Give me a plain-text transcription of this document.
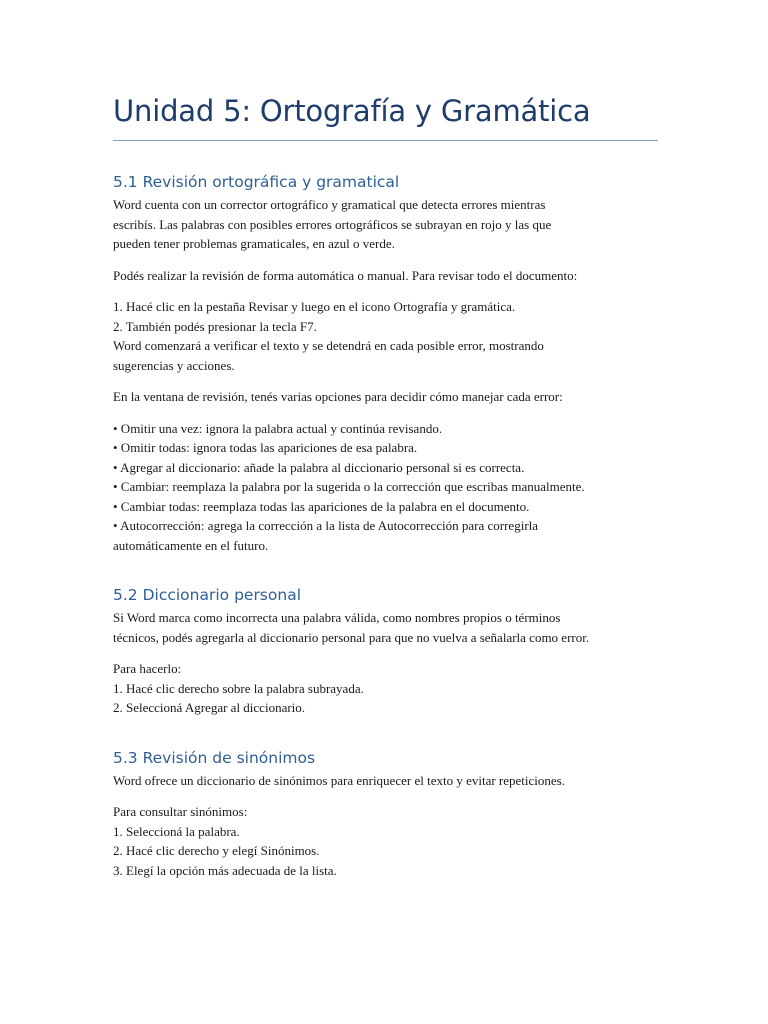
Unidad 5: Ortografía y Gramática
5.1 Revisión ortográfica y gramatical

Word cuenta con un corrector ortográfico y gramatical que detecta errores mientras
escribís. Las palabras con posibles errores ortográficos se subrayan en rojo y las que
pueden tener problemas gramaticales, en azul o verde.

Podés realizar la revisión de forma automática o manual. Para revisar todo el documento:

1. Hacé clic en la pestaña Revisar y luego en el icono Ortografía y gramática.
2. También podés presionar la tecla F7.
Word comenzará a verificar el texto y se detendrá en cada posible error, mostrando
sugerencias y acciones.

En la ventana de revisión, tenés varias opciones para decidir cómo manejar cada error:

• Omitir una vez: ignora la palabra actual y continúa revisando.
• Omitir todas: ignora todas las apariciones de esa palabra.
• Agregar al diccionario: añade la palabra al diccionario personal si es correcta.
• Cambiar: reemplaza la palabra por la sugerida o la corrección que escribas manualmente.
• Cambiar todas: reemplaza todas las apariciones de la palabra en el documento.
• Autocorrección: agrega la corrección a la lista de Autocorrección para corregirla
automáticamente en el futuro.

5.2 Diccionario personal

Si Word marca como incorrecta una palabra válida, como nombres propios o términos
técnicos, podés agregarla al diccionario personal para que no vuelva a señalarla como error.

Para hacerlo:
1. Hacé clic derecho sobre la palabra subrayada.
2. Seleccioná Agregar al diccionario.

5.3 Revisión de sinónimos

Word ofrece un diccionario de sinónimos para enriquecer el texto y evitar repeticiones.

Para consultar sinónimos:
1. Seleccioná la palabra.
2. Hacé clic derecho y elegí Sinónimos.
3. Elegí la opción más adecuada de la lista.
